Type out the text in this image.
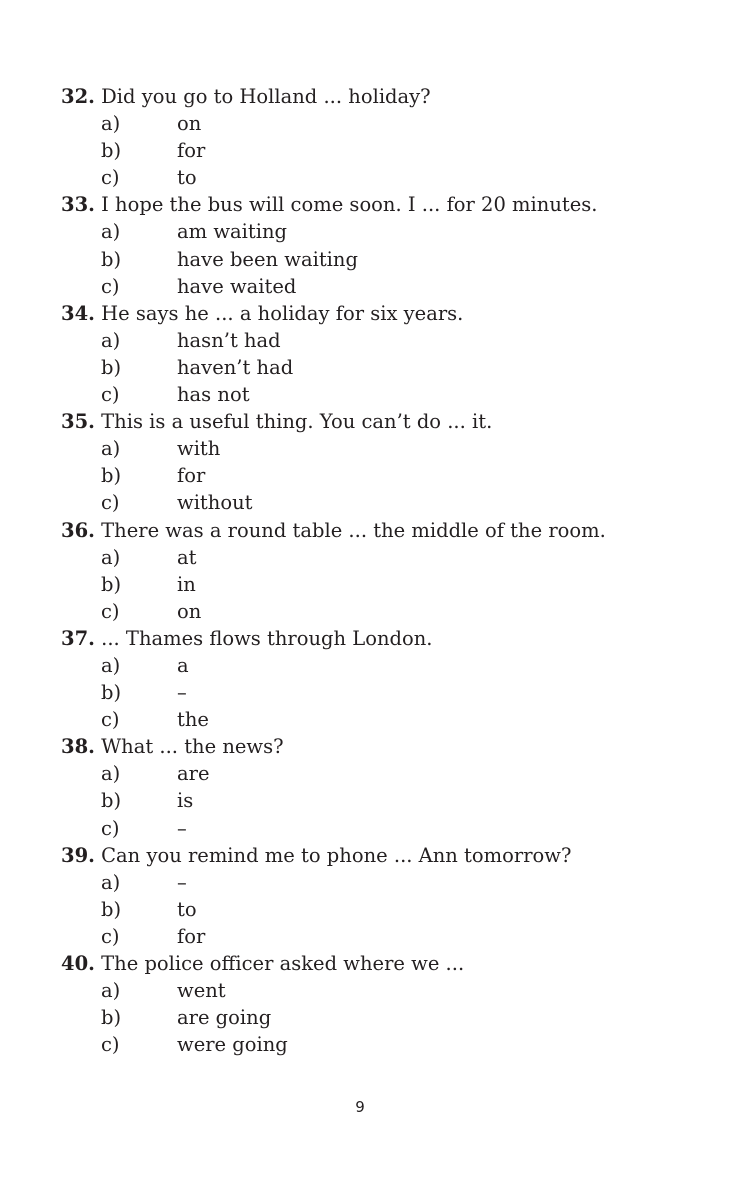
32. Did you go to Holland ... holiday?
a)	on
b)	for
c)	to
33. I hope the bus will come soon. I ... for 20 minutes.
a)	am waiting
b)	have been waiting
c)	have waited
34. He says he ... a holiday for six years.
a)	hasn’t had
b)	haven’t had
c)	has not
35. This is a useful thing. You can’t do ... it.
a)	with
b)	for
c)	without
36. There was a round table ... the middle of the room.
a)	at
b)	in
c)	on
37. ... Thames flows through London.
a)	a
b)	–
c)	the
38. What ... the news?
a)	are
b)	is
c)	–
39. Can you remind me to phone ... Ann tomorrow?
a)	–
b)	to
c)	for
40. The police officer asked where we ...
a)	went
b)	are going
c)	were going
9
